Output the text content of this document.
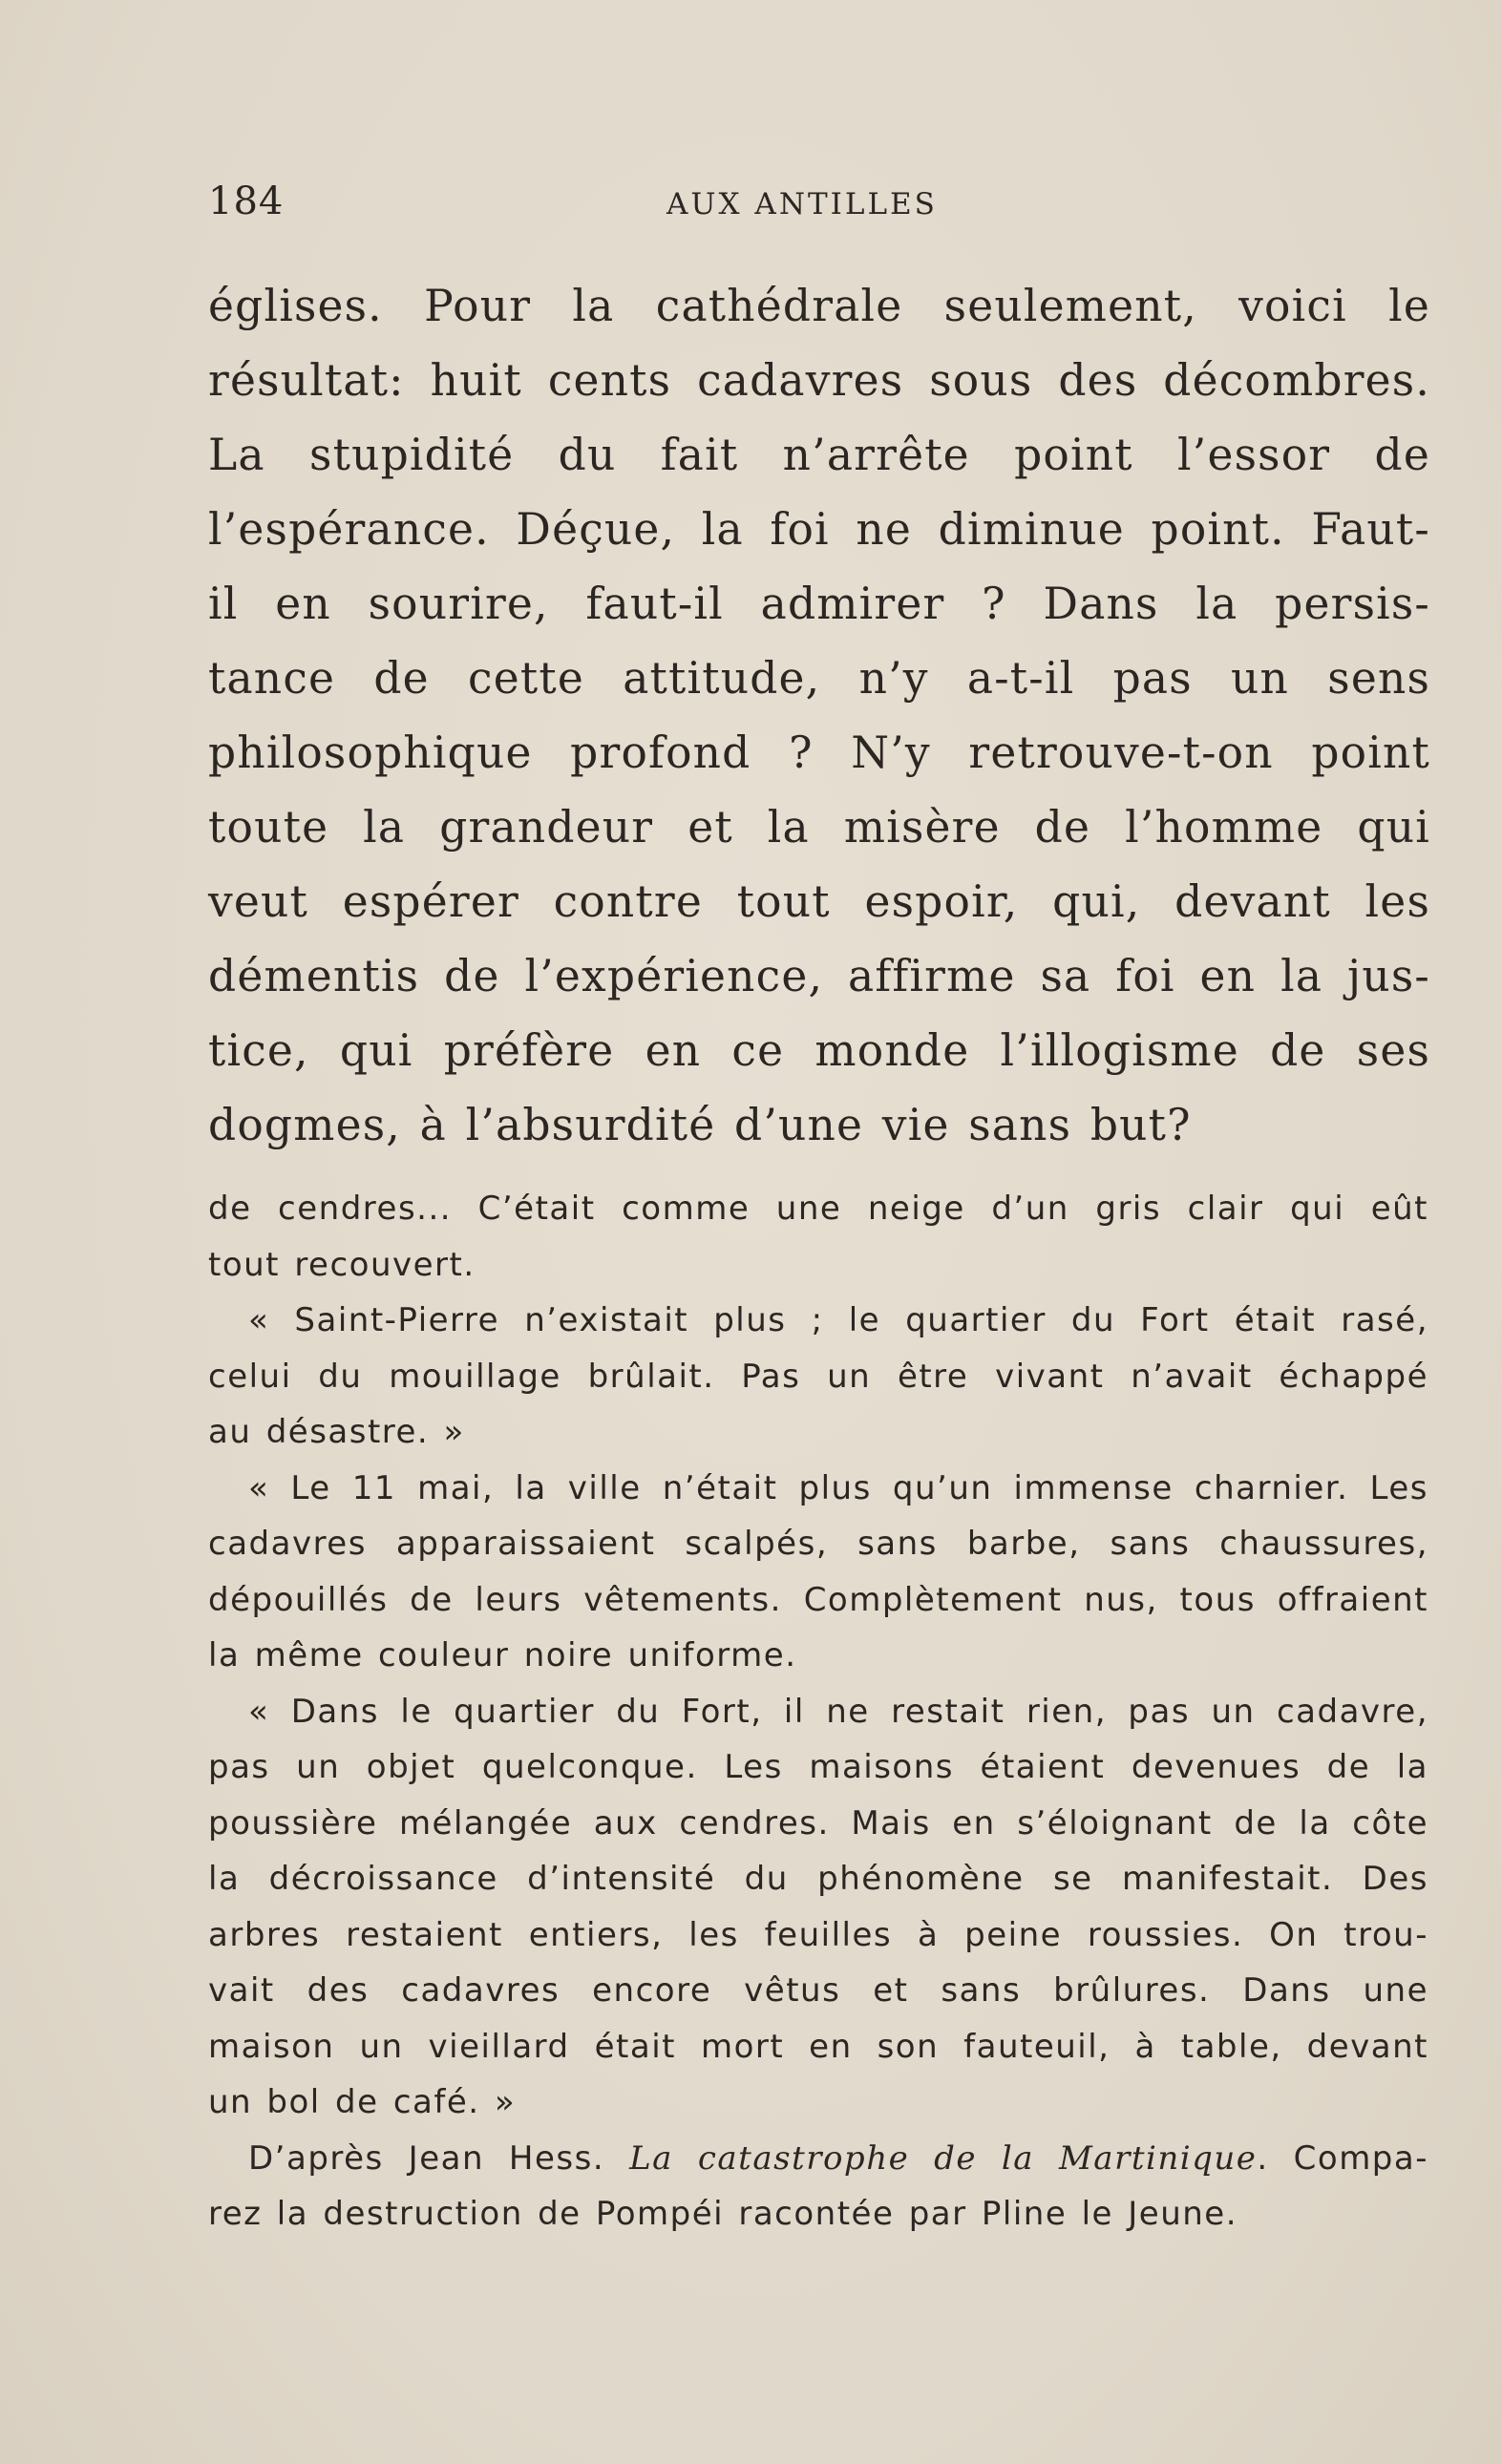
184	AUX ANTILLES
églises. Pour la cathédrale seulement, voici le
résultat: huit cents cadavres sous des décombres.
La stupidité du fait n’arrête point l’essor de
l’espérance. Déçue, la foi ne diminue point. Faut-
il en sourire, faut-il admirer ? Dans la persis-
tance de cette attitude, n’y a-t-il pas un sens
philosophique profond ? N’y retrouve-t-on point
toute la grandeur et la misère de l’homme qui
veut espérer contre tout espoir, qui, devant les
démentis de l’expérience, affirme sa foi en la jus-
tice, qui préfère en ce monde l’illogisme de ses
dogmes, à l’absurdité d’une vie sans but?
de cendres... C’était comme une neige d’un gris clair qui eût
tout recouvert.
« Saint-Pierre n’existait plus ; le quartier du Fort était rasé,
celui du mouillage brûlait. Pas un être vivant n’avait échappé
au désastre. »
« Le 11 mai, la ville n’était plus qu’un immense charnier. Les
cadavres apparaissaient scalpés, sans barbe, sans chaussures,
dépouillés de leurs vêtements. Complètement nus, tous offraient
la même couleur noire uniforme.
« Dans le quartier du Fort, il ne restait rien, pas un cadavre,
pas un objet quelconque. Les maisons étaient devenues de la
poussière mélangée aux cendres. Mais en s’éloignant de la côte
la décroissance d’intensité du phénomène se manifestait. Des
arbres restaient entiers, les feuilles à peine roussies. On trou-
vait des cadavres encore vêtus et sans brûlures. Dans une
maison un vieillard était mort en son fauteuil, à table, devant
un bol de café. »
D’après Jean Hess. La catastrophe de la Martinique. Compa-
rez la destruction de Pompéi racontée par Pline le Jeune.
